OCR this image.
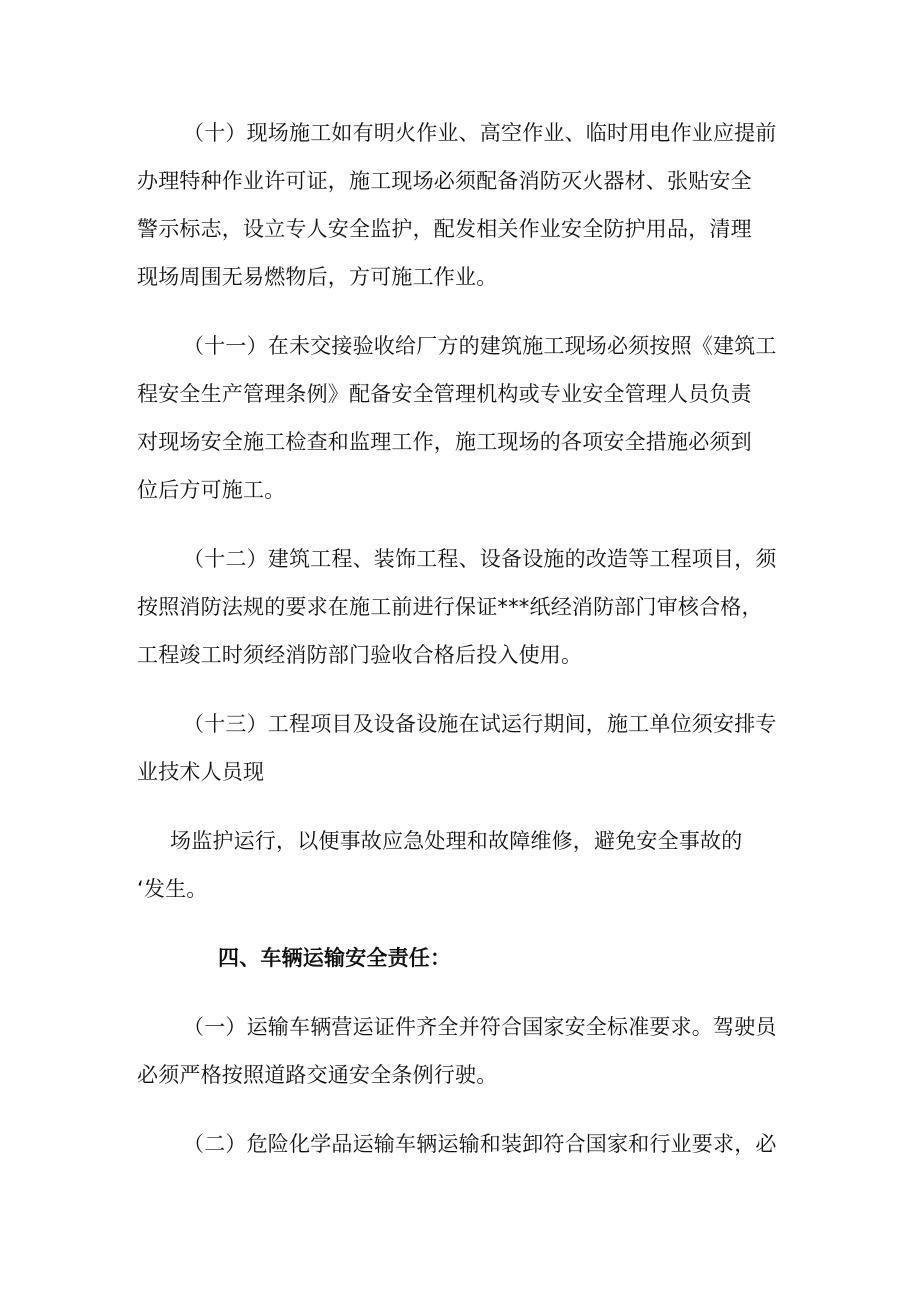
（十）现场施工如有明火作业、高空作业、临时用电作业应提前
办理特种作业许可证，施工现场必须配备消防灭火器材、张贴安全
警示标志，设立专人安全监护，配发相关作业安全防护用品，清理
现场周围无易燃物后，方可施工作业。
（十一）在未交接验收给厂方的建筑施工现场必须按照《建筑工
程安全生产管理条例》配备安全管理机构或专业安全管理人员负责
对现场安全施工检查和监理工作，施工现场的各项安全措施必须到
位后方可施工。
（十二）建筑工程、装饰工程、设备设施的改造等工程项目，须
按照消防法规的要求在施工前进行保证***纸经消防部门审核合格，
工程竣工时须经消防部门验收合格后投入使用。
（十三）工程项目及设备设施在试运行期间，施工单位须安排专
业技术人员现
场监护运行，以便事故应急处理和故障维修，避免安全事故的
‘发生。
四、车辆运输安全责任：
（一）运输车辆营运证件齐全并符合国家安全标准要求。驾驶员
必须严格按照道路交通安全条例行驶。
（二）危险化学品运输车辆运输和装卸符合国家和行业要求，必
